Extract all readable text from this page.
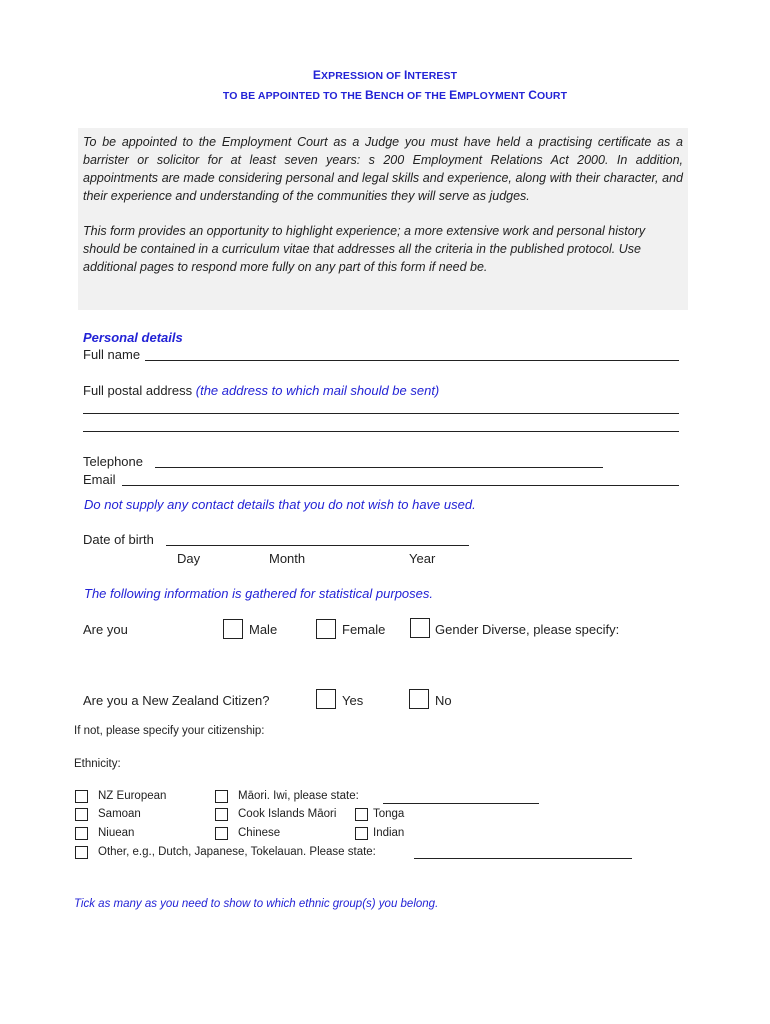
EXPRESSION OF INTEREST
TO BE APPOINTED TO THE BENCH OF THE EMPLOYMENT COURT

To be appointed to the Employment Court as a Judge you must have held a practising certificate as a barrister or solicitor for at least seven years: s 200 Employment Relations Act 2000. In addition, appointments are made considering personal and legal skills and experience, along with their character, and their experience and understanding of the communities they will serve as judges.

This form provides an opportunity to highlight experience; a more extensive work and personal history should be contained in a curriculum vitae that addresses all the criteria in the published protocol. Use additional pages to respond more fully on any part of this form if need be.

Personal details
Full name
Full postal address (the address to which mail should be sent)
Telephone
Email
Do not supply any contact details that you do not wish to have used.
Date of birth
Day	Month	Year
The following information is gathered for statistical purposes.
Are you	Male	Female	Gender Diverse, please specify:
Are you a New Zealand Citizen?	Yes	No
If not, please specify your citizenship:
Ethnicity:
NZ European	Māori. Iwi, please state:
Samoan	Cook Islands Māori	Tonga
Niuean	Chinese	Indian
Other, e.g., Dutch, Japanese, Tokelauan. Please state:
Tick as many as you need to show to which ethnic group(s) you belong.
